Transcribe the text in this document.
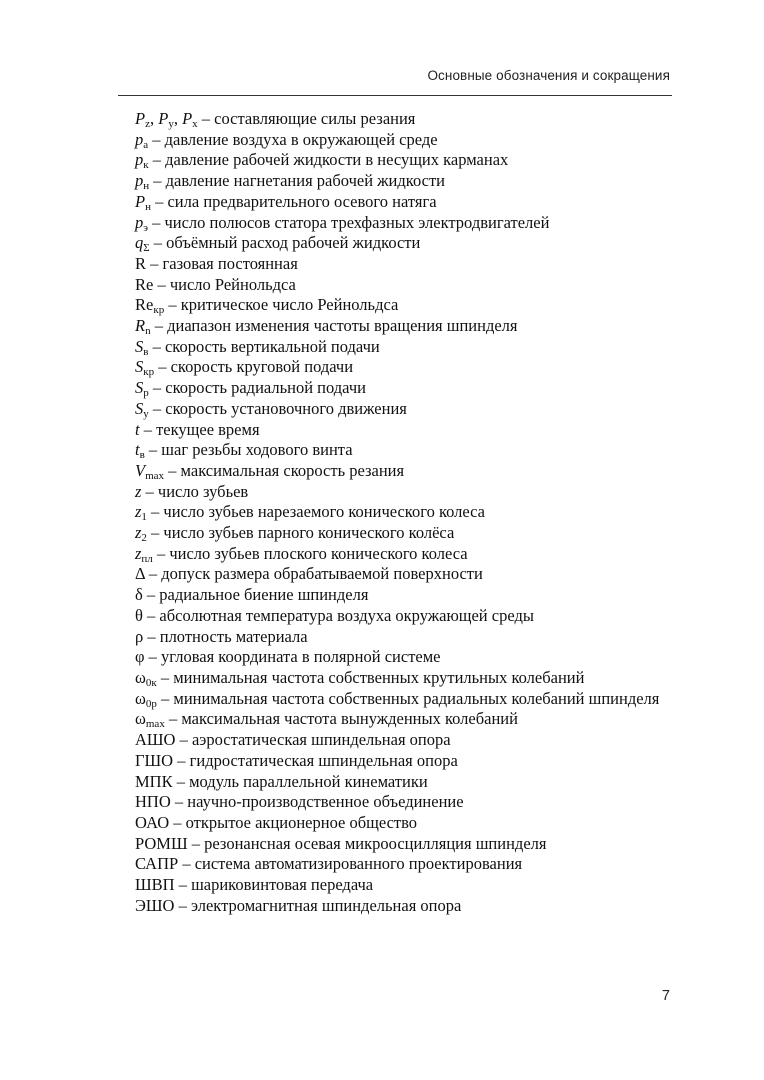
Основные обозначения и сокращения
$P_z$, $P_y$, $P_x$ – составляющие силы резания
$p_а$ – давление воздуха в окружающей среде
$p_к$ – давление рабочей жидкости в несущих карманах
$p_н$ – давление нагнетания рабочей жидкости
$P_н$ – сила предварительного осевого натяга
$p_э$ – число полюсов статора трехфазных электродвигателей
$q_\Sigma$ – объёмный расход рабочей жидкости
R – газовая постоянная
Re – число Рейнольдса
$Re_{кр}$ – критическое число Рейнольдса
$R_n$ – диапазон изменения частоты вращения шпинделя
$S_в$ – скорость вертикальной подачи
$S_{кр}$ – скорость круговой подачи
$S_р$ – скорость радиальной подачи
$S_у$ – скорость установочного движения
t – текущее время
$t_в$ – шаг резьбы ходового винта
$V_{max}$ – максимальная скорость резания
z – число зубьев
$z_1$ – число зубьев нарезаемого конического колеса
$z_2$ – число зубьев парного конического колёса
$z_{пл}$ – число зубьев плоского конического колеса
Δ – допуск размера обрабатываемой поверхности
δ – радиальное биение шпинделя
θ – абсолютная температура воздуха окружающей среды
ρ – плотность материала
φ – угловая координата в полярной системе
$\omega_{0к}$ – минимальная частота собственных крутильных колебаний
$\omega_{0р}$ – минимальная частота собственных радиальных колебаний шпинделя
$\omega_{max}$ – максимальная частота вынужденных колебаний
АШО – аэростатическая шпиндельная опора
ГШО – гидростатическая шпиндельная опора
МПК – модуль параллельной кинематики
НПО – научно-производственное объединение
ОАО – открытое акционерное общество
РОМШ – резонансная осевая микроосцилляция шпинделя
САПР – система автоматизированного проектирования
ШВП – шариковинтовая передача
ЭШО – электромагнитная шпиндельная опора
7
